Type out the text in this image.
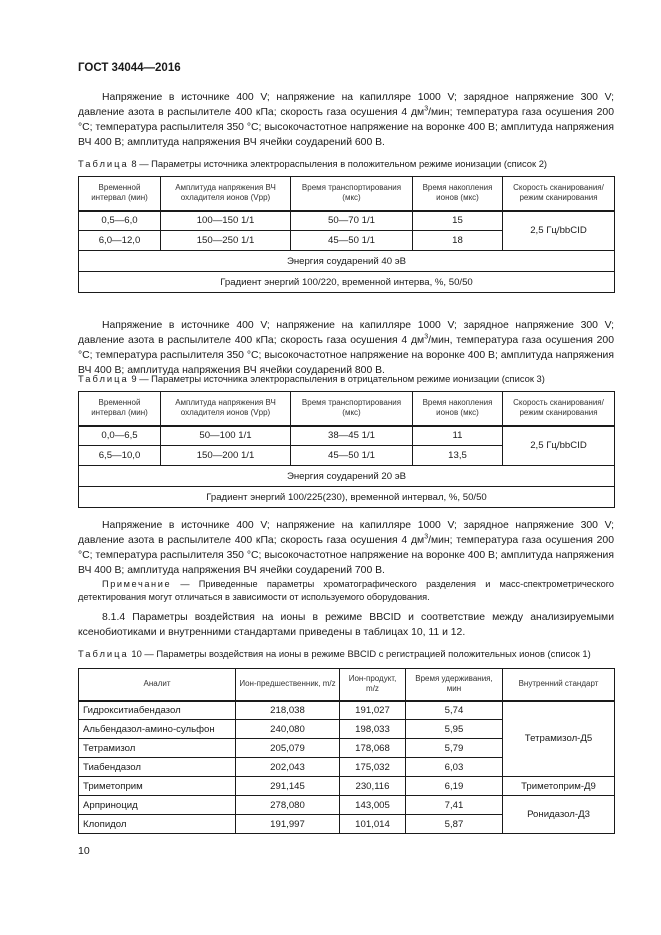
ГОСТ 34044—2016
Напряжение в источнике 400 V; напряжение на капилляре 1000 V; зарядное напряжение 300 V; давление азота в распылителе 400 кПа; скорость газа осушения 4 $дм^3$/мин; температура газа осушения 200 °С; температура распылителя 350 °С; высокочастотное напряжение на воронке 400 В; амплитуда напряжения ВЧ 400 В; амплитуда напряжения ВЧ ячейки соударений 600 В.
Таблица 8 — Параметры источника электрораспыления в положительном режиме ионизации (список 2)
Временной интервал (мин)	Амплитуда напряжения ВЧ охладителя ионов (Vpp)	Время транспортирования (мкс)	Время накопления ионов (мкс)	Скорость сканирования/ режим сканирования
0,5—6,0	100—150 1/1	50—70 1/1	15	2,5 Гц/bbCID
6,0—12,0	150—250 1/1	45—50 1/1	18	
Энергия соударений 40 эВ				
Градиент энергий 100/220, временной интерва, %, 50/50				
Напряжение в источнике 400 V; напряжение на капилляре 1000 V; зарядное напряжение 300 V; давление азота в распылителе 400 кПа; скорость газа осушения 4 $дм^3$/мин, температура газа осушения 200 °С; температура распылителя 350 °С; высокочастотное напряжение на воронке 400 В; амплитуда напряжения ВЧ 400 В; амплитуда напряжения ВЧ ячейки соударений 800 В.
Таблица 9 — Параметры источника электрораспыления в отрицательном режиме ионизации (список 3)
Временной интервал (мин)	Амплитуда напряжения ВЧ охладителя ионов (Vpp)	Время транспортирования (мкс)	Время накопления ионов (мкс)	Скорость сканирования/ режим сканирования
0,0—6,5	50—100 1/1	38—45 1/1	11	2,5 Гц/bbCID
6,5—10,0	150—200 1/1	45—50 1/1	13,5	
Энергия соударений 20 эВ				
Градиент энергий 100/225(230), временной интервал, %, 50/50				
Напряжение в источнике 400 V; напряжение на капилляре 1000 V; зарядное напряжение 300 V; давление азота в распылителе 400 кПа; скорость газа осушения 4 $дм^3$/мин; температура газа осушения 200 °С; температура распылителя 350 °С; высокочастотное напряжение на воронке 400 В; амплитуда напряжения ВЧ 400 В; амплитуда напряжения ВЧ ячейки соударений 700 В.
Примечание — Приведенные параметры хроматографического разделения и масс-спектрометрического детектирования могут отличаться в зависимости от используемого оборудования.
8.1.4 Параметры воздействия на ионы в режиме BBCID и соответствие между анализируемыми ксенобиотиками и внутренними стандартами приведены в таблицах 10, 11 и 12.
Таблица 10 — Параметры воздействия на ионы в режиме BBCID с регистрацией положительных ионов (список 1)
Аналит	Ион-предшественник, m/z	Ион-продукт, m/z	Время удерживания, мин	Внутренний стандарт
Гидрокситиабендазол	218,038	191,027	5,74	Тетрамизол-Д5
Альбендазол-амино-сульфон	240,080	198,033	5,95	
Тетрамизол	205,079	178,068	5,79	
Тиабендазол	202,043	175,032	6,03	
Триметоприм	291,145	230,116	6,19	Триметоприм-Д9
Арприноцид	278,080	143,005	7,41	Ронидазол-Д3
Клопидол	191,997	101,014	5,87	
10
